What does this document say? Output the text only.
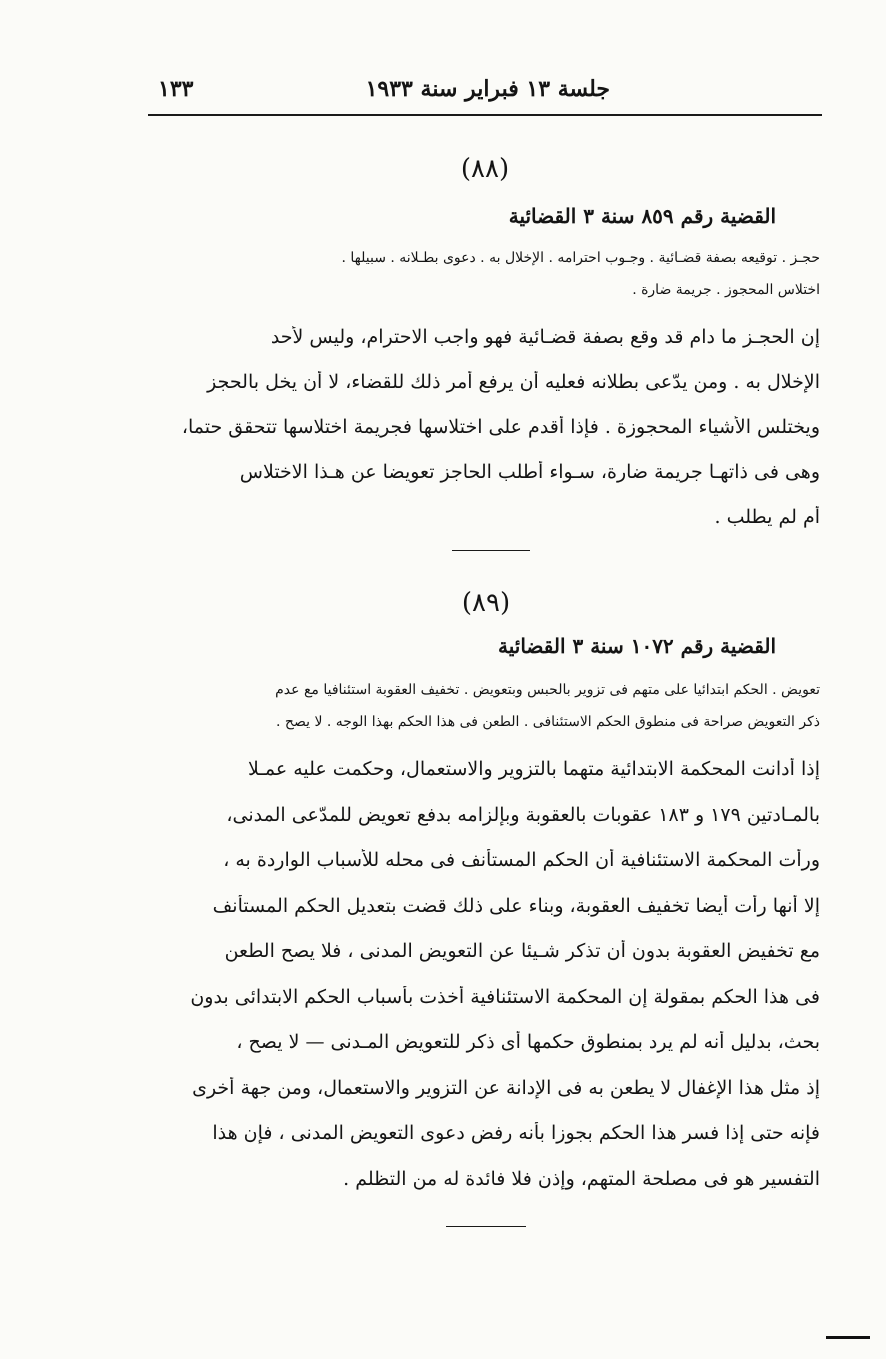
جلسة ١٣ فبراير سنة ١٩٣٣
١٣٣
(٨٨)
القضية رقم ٨٥٩ سنة ٣ القضائية
حجـز . توقيعه بصفة قضـائية . وجـوب احترامه . الإخلال به . دعوى بطـلانه . سبيلها .
اختلاس المحجوز . جريمة ضارة .
إن الحجـز ما دام قد وقع بصفة قضـائية فهو واجب الاحترام، وليس لأحد
الإخلال به . ومن يدّعى بطلانه فعليه أن يرفع أمر ذلك للقضاء، لا أن يخل بالحجز
ويختلس الأشياء المحجوزة . فإذا أقدم على اختلاسها فجريمة اختلاسها تتحقق حتما،
وهى فى ذاتهـا جريمة ضارة، سـواء أطلب الحاجز تعويضا عن هـذا الاختلاس
أم لم يطلب .
(٨٩)
القضية رقم ١٠٧٢ سنة ٣ القضائية
تعويض . الحكم ابتدائيا على متهم فى تزوير بالحبس وبتعويض . تخفيف العقوبة استئنافيا مع عدم
ذكر التعويض صراحة فى منطوق الحكم الاستئنافى . الطعن فى هذا الحكم بهذا الوجه . لا يصح .
إذا أدانت المحكمة الابتدائية متهما بالتزوير والاستعمال، وحكمت عليه عمـلا
بالمـادتين ١٧٩ و ١٨٣ عقوبات بالعقوبة وبإلزامه بدفع تعويض للمدّعى المدنى،
ورأت المحكمة الاستئنافية أن الحكم المستأنف فى محله للأسباب الواردة به ،
إلا أنها رأت أيضا تخفيف العقوبة، وبناء على ذلك قضت بتعديل الحكم المستأنف
مع تخفيض العقوبة بدون أن تذكر شـيئا عن التعويض المدنى ، فلا يصح الطعن
فى هذا الحكم بمقولة إن المحكمة الاستئنافية أخذت بأسباب الحكم الابتدائى بدون
بحث، بدليل أنه لم يرد بمنطوق حكمها أى ذكر للتعويض المـدنى — لا يصح ،
إذ مثل هذا الإغفال لا يطعن به فى الإدانة عن التزوير والاستعمال، ومن جهة أخرى
فإنه حتى إذا فسر هذا الحكم بجوزا بأنه رفض دعوى التعويض المدنى ، فإن هذا
التفسير هو فى مصلحة المتهم، وإذن فلا فائدة له من التظلم .
